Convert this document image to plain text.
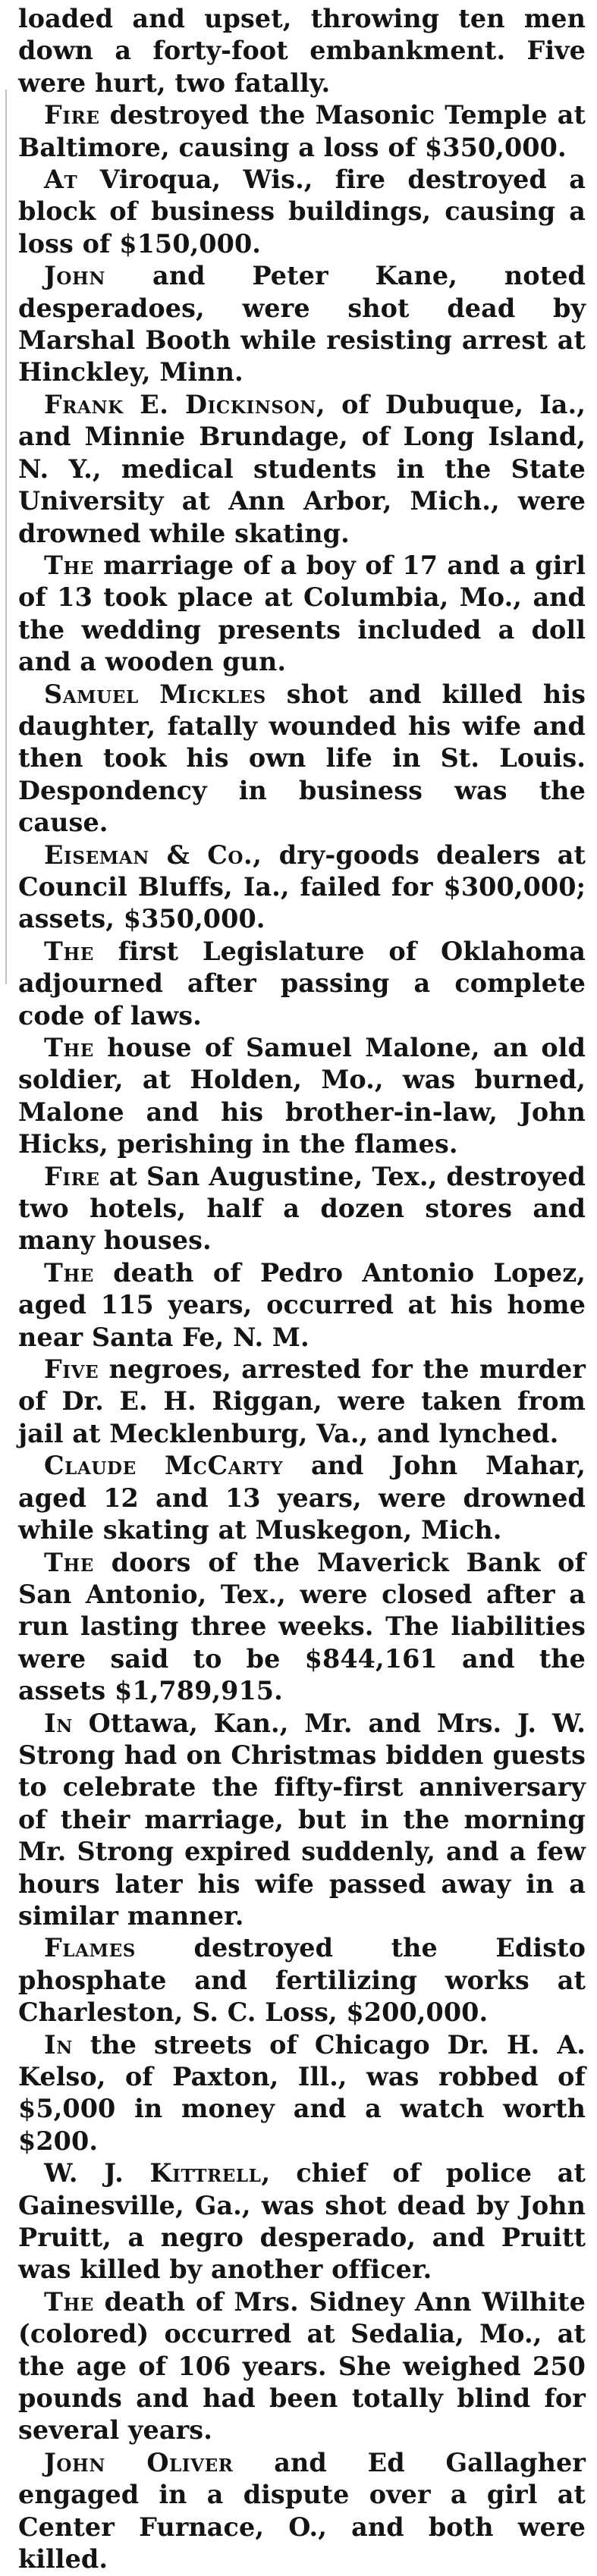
loaded and upset, throwing ten men down a forty-foot embankment. Five were hurt, two fatally.

Fire destroyed the Masonic Temple at Baltimore, causing a loss of $350,000.

At Viroqua, Wis., fire destroyed a block of business buildings, causing a loss of $150,000.

John and Peter Kane, noted desperadoes, were shot dead by Marshal Booth while resisting arrest at Hinckley, Minn.

Frank E. Dickinson, of Dubuque, Ia., and Minnie Brundage, of Long Island, N. Y., medical students in the State University at Ann Arbor, Mich., were drowned while skating.

The marriage of a boy of 17 and a girl of 13 took place at Columbia, Mo., and the wedding presents included a doll and a wooden gun.

Samuel Mickles shot and killed his daughter, fatally wounded his wife and then took his own life in St. Louis. Despondency in business was the cause.

Eiseman & Co., dry-goods dealers at Council Bluffs, Ia., failed for $300,000; assets, $350,000.

The first Legislature of Oklahoma adjourned after passing a complete code of laws.

The house of Samuel Malone, an old soldier, at Holden, Mo., was burned, Malone and his brother-in-law, John Hicks, perishing in the flames.

Fire at San Augustine, Tex., destroyed two hotels, half a dozen stores and many houses.

The death of Pedro Antonio Lopez, aged 115 years, occurred at his home near Santa Fe, N. M.

Five negroes, arrested for the murder of Dr. E. H. Riggan, were taken from jail at Mecklenburg, Va., and lynched.

Claude McCarty and John Mahar, aged 12 and 13 years, were drowned while skating at Muskegon, Mich.

The doors of the Maverick Bank of San Antonio, Tex., were closed after a run lasting three weeks. The liabilities were said to be $844,161 and the assets $1,789,915.

In Ottawa, Kan., Mr. and Mrs. J. W. Strong had on Christmas bidden guests to celebrate the fifty-first anniversary of their marriage, but in the morning Mr. Strong expired suddenly, and a few hours later his wife passed away in a similar manner.

Flames destroyed the Edisto phosphate and fertilizing works at Charleston, S. C. Loss, $200,000.

In the streets of Chicago Dr. H. A. Kelso, of Paxton, Ill., was robbed of $5,000 in money and a watch worth $200.

W. J. Kittrell, chief of police at Gainesville, Ga., was shot dead by John Pruitt, a negro desperado, and Pruitt was killed by another officer.

The death of Mrs. Sidney Ann Wilhite (colored) occurred at Sedalia, Mo., at the age of 106 years. She weighed 250 pounds and had been totally blind for several years.

John Oliver and Ed Gallagher engaged in a dispute over a girl at Center Furnace, O., and both were killed.
